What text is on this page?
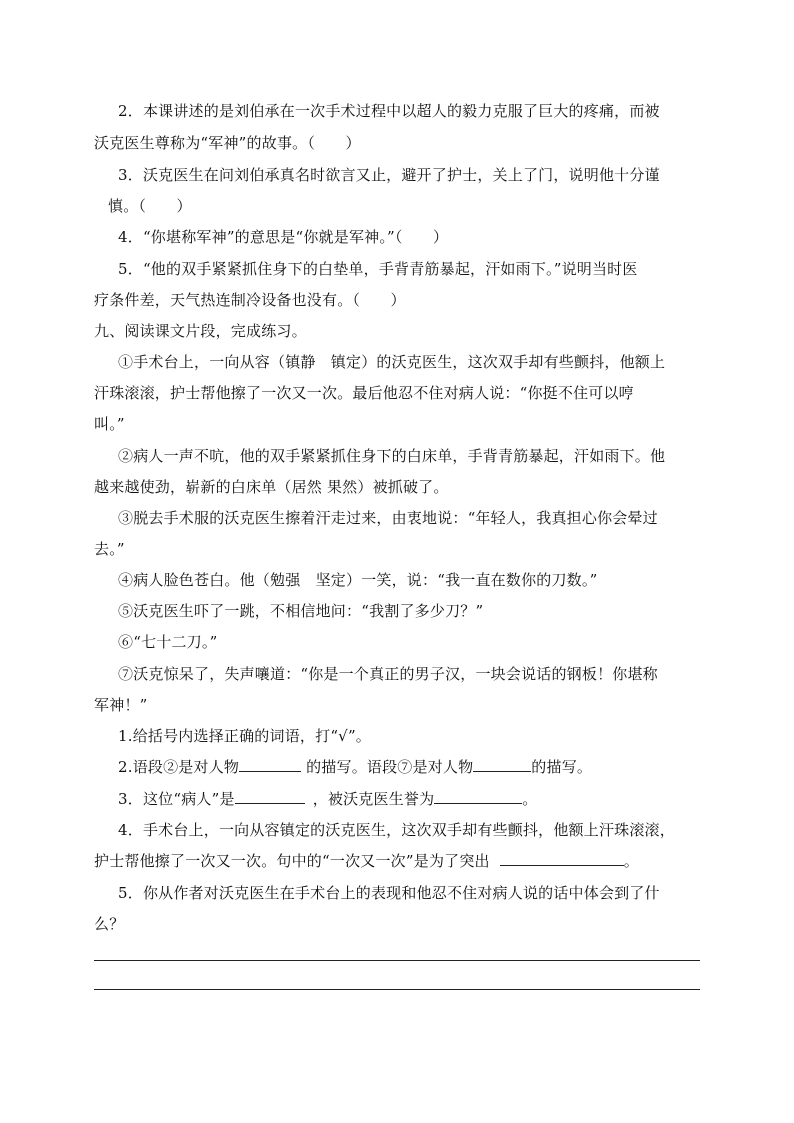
2．本课讲述的是刘伯承在一次手术过程中以超人的毅力克服了巨大的疼痛，而被
沃克医生尊称为“军神”的故事。（　　）
3．沃克医生在问刘伯承真名时欲言又止，避开了护士，关上了门，说明他十分谨
慎。（　　）
4．“你堪称军神”的意思是“你就是军神。”（　　）
5．“他的双手紧紧抓住身下的白垫单，手背青筋暴起，汗如雨下。”说明当时医
疗条件差，天气热连制冷设备也没有。（　　）
九、阅读课文片段，完成练习。
①手术台上，一向从容（镇静　镇定）的沃克医生，这次双手却有些颤抖，他额上
汗珠滚滚，护士帮他擦了一次又一次。最后他忍不住对病人说：“你挺不住可以哼
叫。”
②病人一声不吭，他的双手紧紧抓住身下的白床单，手背青筋暴起，汗如雨下。他
越来越使劲，崭新的白床单（居然 果然）被抓破了。
③脱去手术服的沃克医生擦着汗走过来，由衷地说：“年轻人，我真担心你会晕过
去。”
④病人脸色苍白。他（勉强　坚定）一笑，说：“我一直在数你的刀数。”
⑤沃克医生吓了一跳，不相信地问：“我割了多少刀？”
⑥“七十二刀。”
⑦沃克惊呆了，失声嚷道：“你是一个真正的男子汉，一块会说话的钢板！你堪称
军神！”
1.给括号内选择正确的词语，打“√”。
2.语段②是对人物	的描写。语段⑦是对人物	的描写。
3．这位“病人”是	，被沃克医生誉为	。
4．手术台上，一向从容镇定的沃克医生，这次双手却有些颤抖，他额上汗珠滚滚，
护士帮他擦了一次又一次。句中的“一次又一次”是为了突出	。
5．你从作者对沃克医生在手术台上的表现和他忍不住对病人说的话中体会到了什
么？
